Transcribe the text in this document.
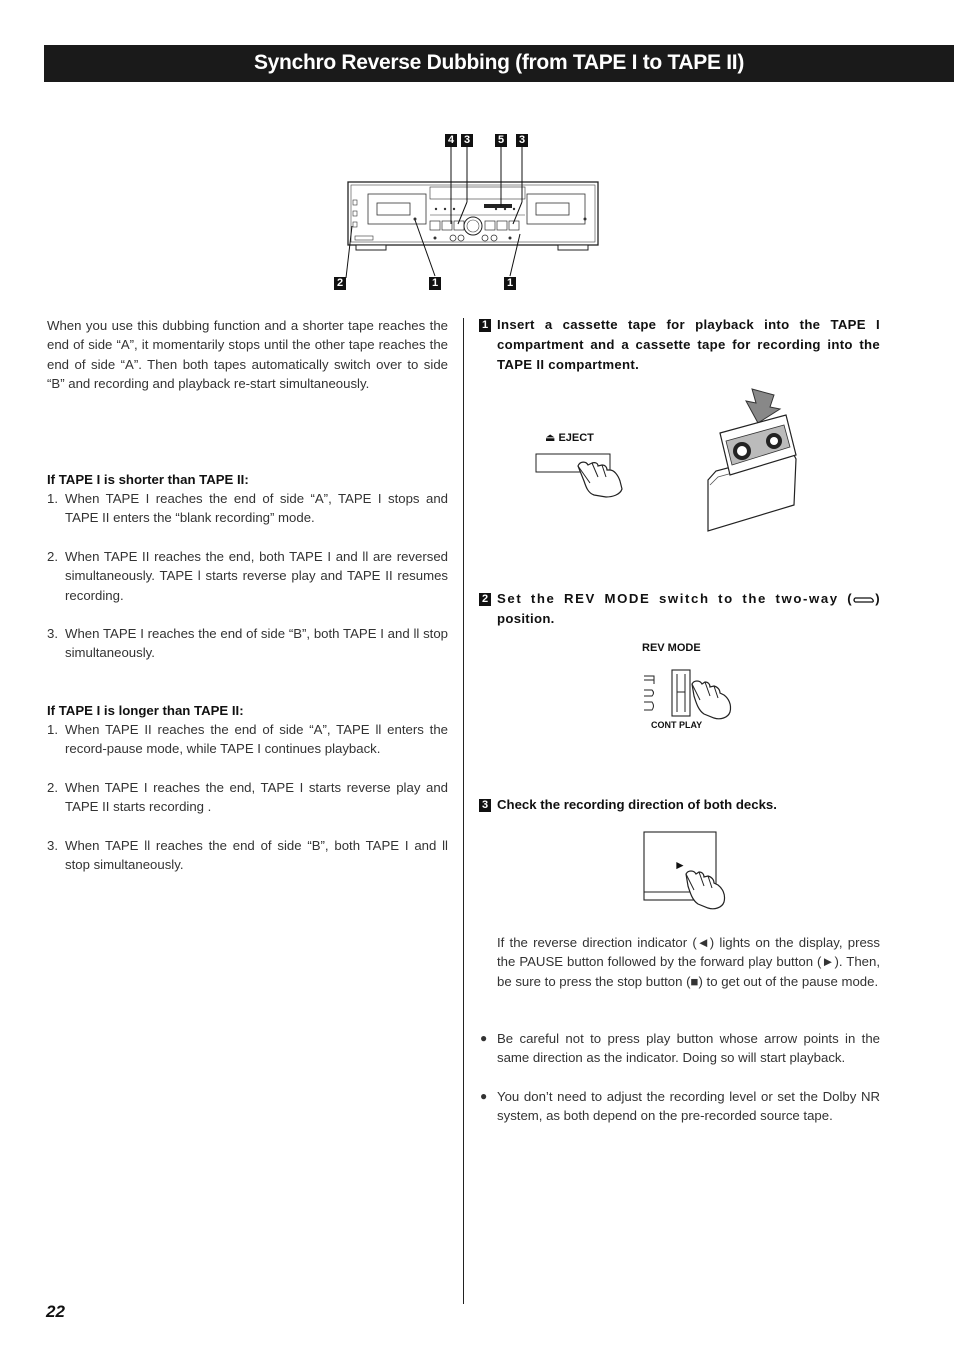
Synchro Reverse Dubbing (from TAPE I to TAPE II)
4 3	5 3
2	1	1
When you use this dubbing function and a shorter tape reaches the end of side “A”, it momentarily stops until the other tape reaches the end of side “A”. Then both tapes automatically switch over to side “B” and recording and playback re-start simultaneously.
If TAPE I is shorter than TAPE II:
1. When TAPE I reaches the end of side “A”, TAPE I stops and TAPE II enters the “blank recording” mode.
2. When TAPE II reaches the end, both TAPE I and ll are reversed simultaneously. TAPE l starts reverse play and TAPE II resumes recording.
3. When TAPE I reaches the end of side “B”, both TAPE I and ll stop simultaneously.
If TAPE I is longer than TAPE II:
1. When TAPE II reaches the end of side “A”, TAPE ll enters the record-pause mode, while TAPE I continues playback.
2. When TAPE I reaches the end, TAPE I starts reverse play and TAPE II starts recording .
3. When TAPE ll reaches the end of side “B”, both TAPE I and ll stop simultaneously.
1 Insert a cassette tape for playback into the TAPE I compartment and a cassette tape for recording into the TAPE II compartment.
⏏ EJECT
2 Set the REV MODE switch to the two-way ( ) position.
REV MODE
CONT PLAY
3 Check the recording direction of both decks.
►
If the reverse direction indicator (◄) lights on the display, press the PAUSE button followed by the forward play button (►). Then, be sure to press the stop button (■) to get out of the pause mode.
● Be careful not to press play button whose arrow points in the same direction as the indicator. Doing so will start playback.
● You don’t need to adjust the recording level or set the Dolby NR system, as both depend on the pre-recorded source tape.
22
